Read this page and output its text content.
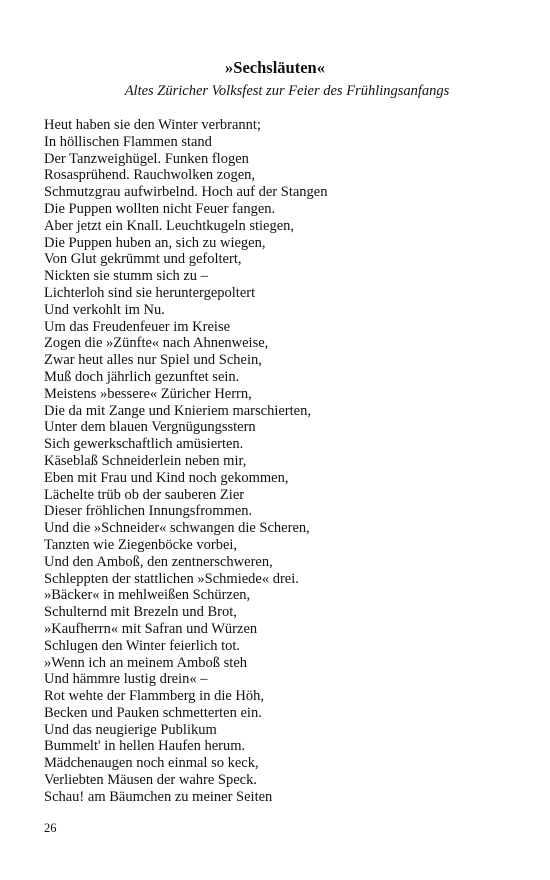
»Sechsläuten«

Altes Züricher Volksfest zur Feier des Frühlingsanfangs

Heut haben sie den Winter verbrannt;
In höllischen Flammen stand
Der Tanzweighügel. Funken flogen
Rosasprühend. Rauchwolken zogen,
Schmutzgrau aufwirbelnd. Hoch auf der Stangen
Die Puppen wollten nicht Feuer fangen.
Aber jetzt ein Knall. Leuchtkugeln stiegen,
Die Puppen huben an, sich zu wiegen,
Von Glut gekrümmt und gefoltert,
Nickten sie stumm sich zu –
Lichterloh sind sie heruntergepoltert
Und verkohlt im Nu.
Um das Freudenfeuer im Kreise
Zogen die »Zünfte« nach Ahnenweise,
Zwar heut alles nur Spiel und Schein,
Muß doch jährlich gezunftet sein.
Meistens »bessere« Züricher Herrn,
Die da mit Zange und Knieriem marschierten,
Unter dem blauen Vergnügungsstern
Sich gewerkschaftlich amüsierten.
Käseblaß Schneiderlein neben mir,
Eben mit Frau und Kind noch gekommen,
Lächelte trüb ob der sauberen Zier
Dieser fröhlichen Innungsfrommen.
Und die »Schneider« schwangen die Scheren,
Tanzten wie Ziegenböcke vorbei,
Und den Amboß, den zentnerschweren,
Schleppten der stattlichen »Schmiede« drei.
»Bäcker« in mehlweißen Schürzen,
Schulternd mit Brezeln und Brot,
»Kaufherrn« mit Safran und Würzen
Schlugen den Winter feierlich tot.
»Wenn ich an meinem Amboß steh
Und hämmre lustig drein« –
Rot wehte der Flammberg in die Höh,
Becken und Pauken schmetterten ein.
Und das neugierige Publikum
Bummelt' in hellen Haufen herum.
Mädchenaugen noch einmal so keck,
Verliebten Mäusen der wahre Speck.
Schau! am Bäumchen zu meiner Seiten
26
